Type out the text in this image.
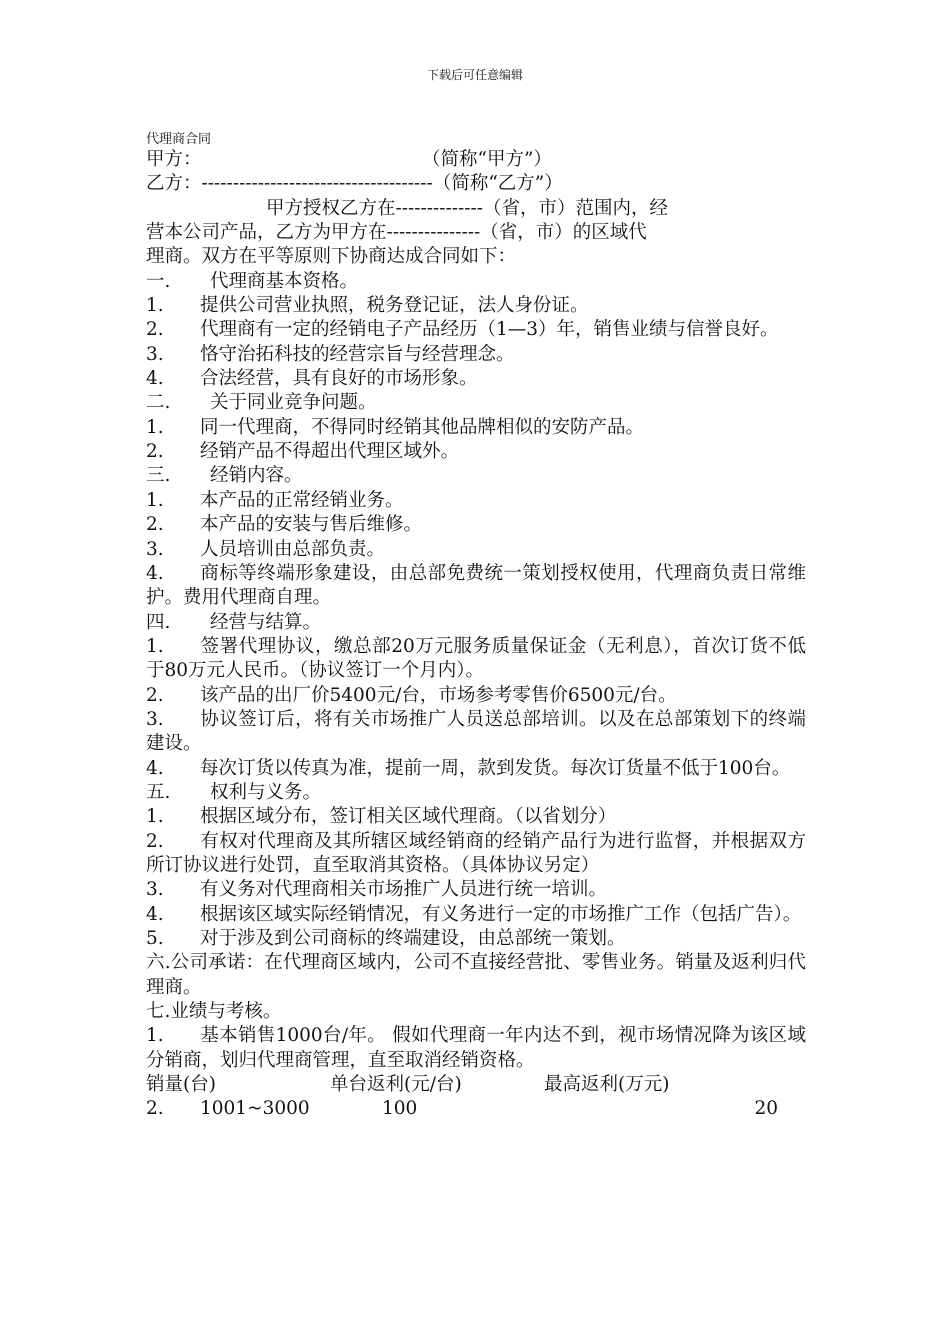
下载后可任意编辑
代理商合同
甲方：	（简称“甲方”）
乙方：-------------------------------------（简称“乙方”）
甲方授权乙方在--------------（省，市）范围内，经
营本公司产品，乙方为甲方在---------------（省，市）的区域代
理商。双方在平等原则下协商达成合同如下：
一. 代理商基本资格。
1. 提供公司营业执照，税务登记证，法人身份证。
2. 代理商有一定的经销电子产品经历（1—3）年，销售业绩与信誉良好。
3. 恪守治拓科技的经营宗旨与经营理念。
4. 合法经营，具有良好的市场形象。
二. 关于同业竞争问题。
1. 同一代理商，不得同时经销其他品牌相似的安防产品。
2. 经销产品不得超出代理区域外。
三. 经销内容。
1. 本产品的正常经销业务。
2. 本产品的安装与售后维修。
3. 人员培训由总部负责。
4. 商标等终端形象建设，由总部免费统一策划授权使用，代理商负责日常维护。费用代理商自理。
四. 经营与结算。
1. 签署代理协议，缴总部20万元服务质量保证金（无利息），首次订货不低于80万元人民币。（协议签订一个月内）。
2. 该产品的出厂价5400元/台，市场参考零售价6500元/台。
3. 协议签订后，将有关市场推广人员送总部培训。以及在总部策划下的终端建设。
4. 每次订货以传真为准，提前一周，款到发货。每次订货量不低于100台。
五. 权利与义务。
1. 根据区域分布，签订相关区域代理商。（以省划分）
2. 有权对代理商及其所辖区域经销商的经销产品行为进行监督，并根据双方所订协议进行处罚，直至取消其资格。（具体协议另定）
3. 有义务对代理商相关市场推广人员进行统一培训。
4. 根据该区域实际经销情况，有义务进行一定的市场推广工作（包括广告）。
5. 对于涉及到公司商标的终端建设，由总部统一策划。
六.公司承诺：在代理商区域内，公司不直接经营批、零售业务。销量及返利归代理商。
七.业绩与考核。
1. 基本销售1000台/年。 假如代理商一年内达不到，视市场情况降为该区域分销商，划归代理商管理，直至取消经销资格。
销量(台)	单台返利(元/台)	最高返利(万元)
2.	1001~3000	100	20
